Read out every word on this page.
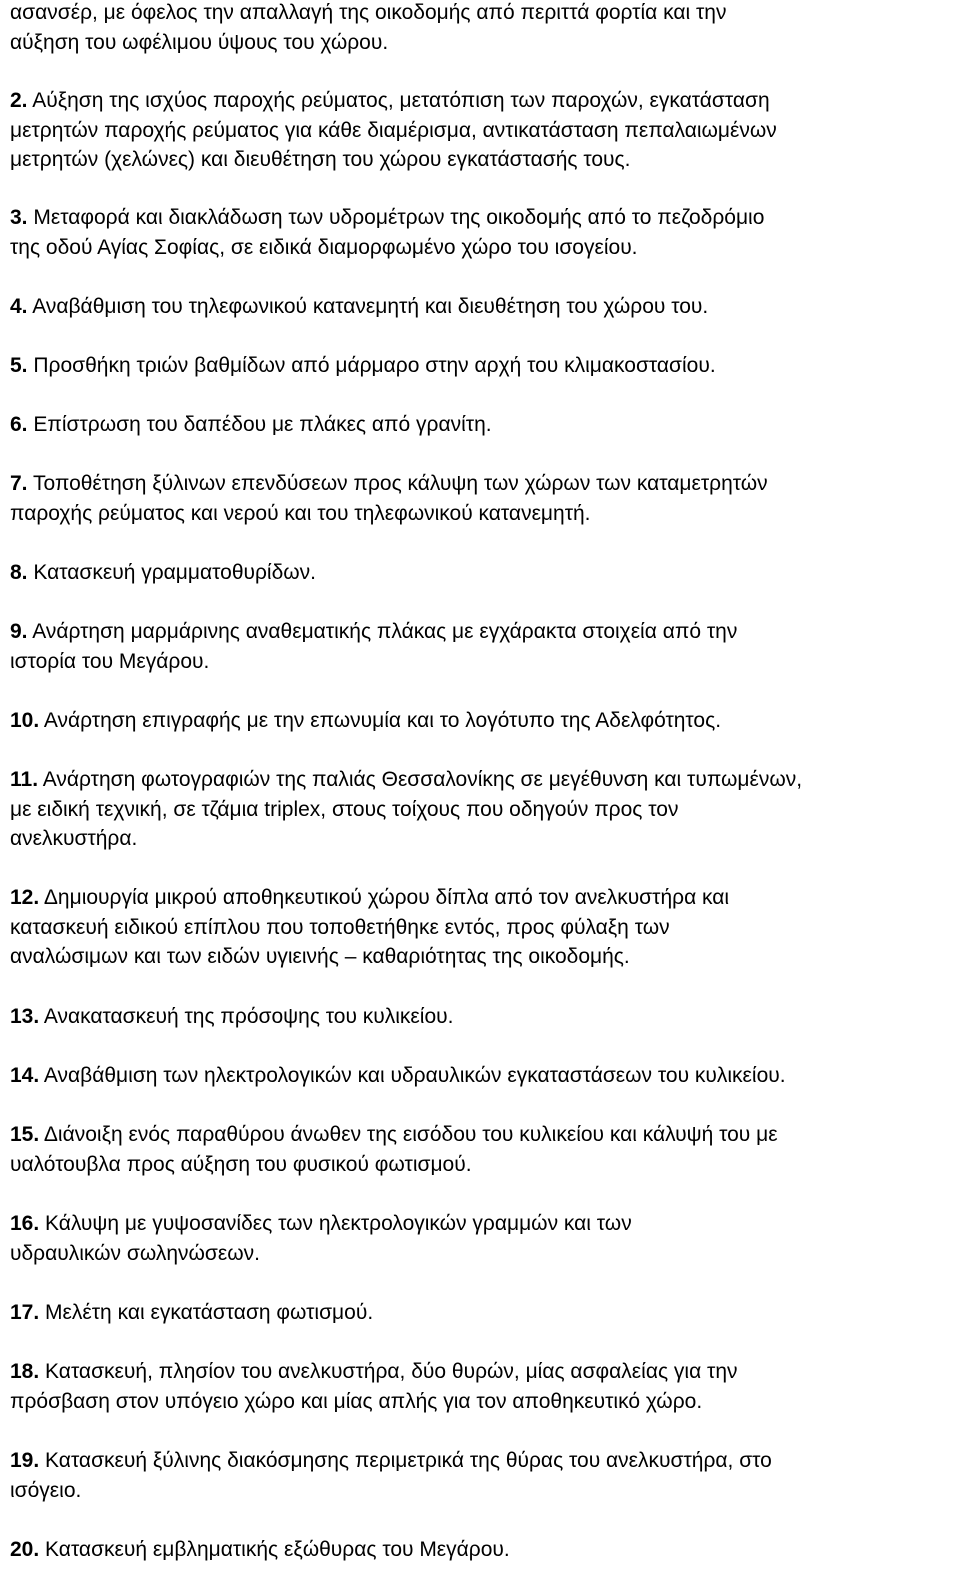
ασανσέρ, με όφελος την απαλλαγή της οικοδομής από περιττά φορτία και την
αύξηση του ωφέλιμου ύψους του χώρου.
2. Αύξηση της ισχύος παροχής ρεύματος, μετατόπιση των παροχών, εγκατάσταση
μετρητών παροχής ρεύματος για κάθε διαμέρισμα, αντικατάσταση πεπαλαιωμένων
μετρητών (χελώνες) και διευθέτηση του χώρου εγκατάστασής τους.
3. Μεταφορά και διακλάδωση των υδρομέτρων της οικοδομής από το πεζοδρόμιο
της οδού Αγίας Σοφίας, σε ειδικά διαμορφωμένο χώρο του ισογείου.
4. Αναβάθμιση του τηλεφωνικού κατανεμητή και διευθέτηση του χώρου του.
5. Προσθήκη τριών βαθμίδων από μάρμαρο στην αρχή του κλιμακοστασίου.
6. Επίστρωση του δαπέδου με πλάκες από γρανίτη.
7. Τοποθέτηση ξύλινων επενδύσεων προς κάλυψη των χώρων των καταμετρητών
παροχής ρεύματος και νερού και του τηλεφωνικού κατανεμητή.
8. Κατασκευή γραμματοθυρίδων.
9. Ανάρτηση μαρμάρινης αναθεματικής πλάκας με εγχάρακτα στοιχεία από την
ιστορία του Μεγάρου.
10. Ανάρτηση επιγραφής με την επωνυμία και το λογότυπο της Αδελφότητος.
11. Ανάρτηση φωτογραφιών της παλιάς Θεσσαλονίκης σε μεγέθυνση και τυπωμένων,
με ειδική τεχνική, σε τζάμια triplex, στους τοίχους που οδηγούν προς τον
ανελκυστήρα.
12. Δημιουργία μικρού αποθηκευτικού χώρου δίπλα από τον ανελκυστήρα και
κατασκευή ειδικού επίπλου που τοποθετήθηκε εντός, προς φύλαξη των
αναλώσιμων και των ειδών υγιεινής – καθαριότητας της οικοδομής.
13. Ανακατασκευή της πρόσοψης του κυλικείου.
14. Αναβάθμιση των ηλεκτρολογικών και υδραυλικών εγκαταστάσεων του κυλικείου.
15. Διάνοιξη ενός παραθύρου άνωθεν της εισόδου του κυλικείου και κάλυψή του με
υαλότουβλα προς αύξηση του φυσικού φωτισμού.
16. Κάλυψη με γυψοσανίδες των ηλεκτρολογικών γραμμών και των
υδραυλικών σωληνώσεων.
17. Μελέτη και εγκατάσταση φωτισμού.
18. Κατασκευή, πλησίον του ανελκυστήρα, δύο θυρών, μίας ασφαλείας για την
πρόσβαση στον υπόγειο χώρο και μίας απλής για τον αποθηκευτικό χώρο.
19. Κατασκευή ξύλινης διακόσμησης περιμετρικά της θύρας του ανελκυστήρα, στο
ισόγειο.
20. Κατασκευή εμβληματικής εξώθυρας του Μεγάρου.
